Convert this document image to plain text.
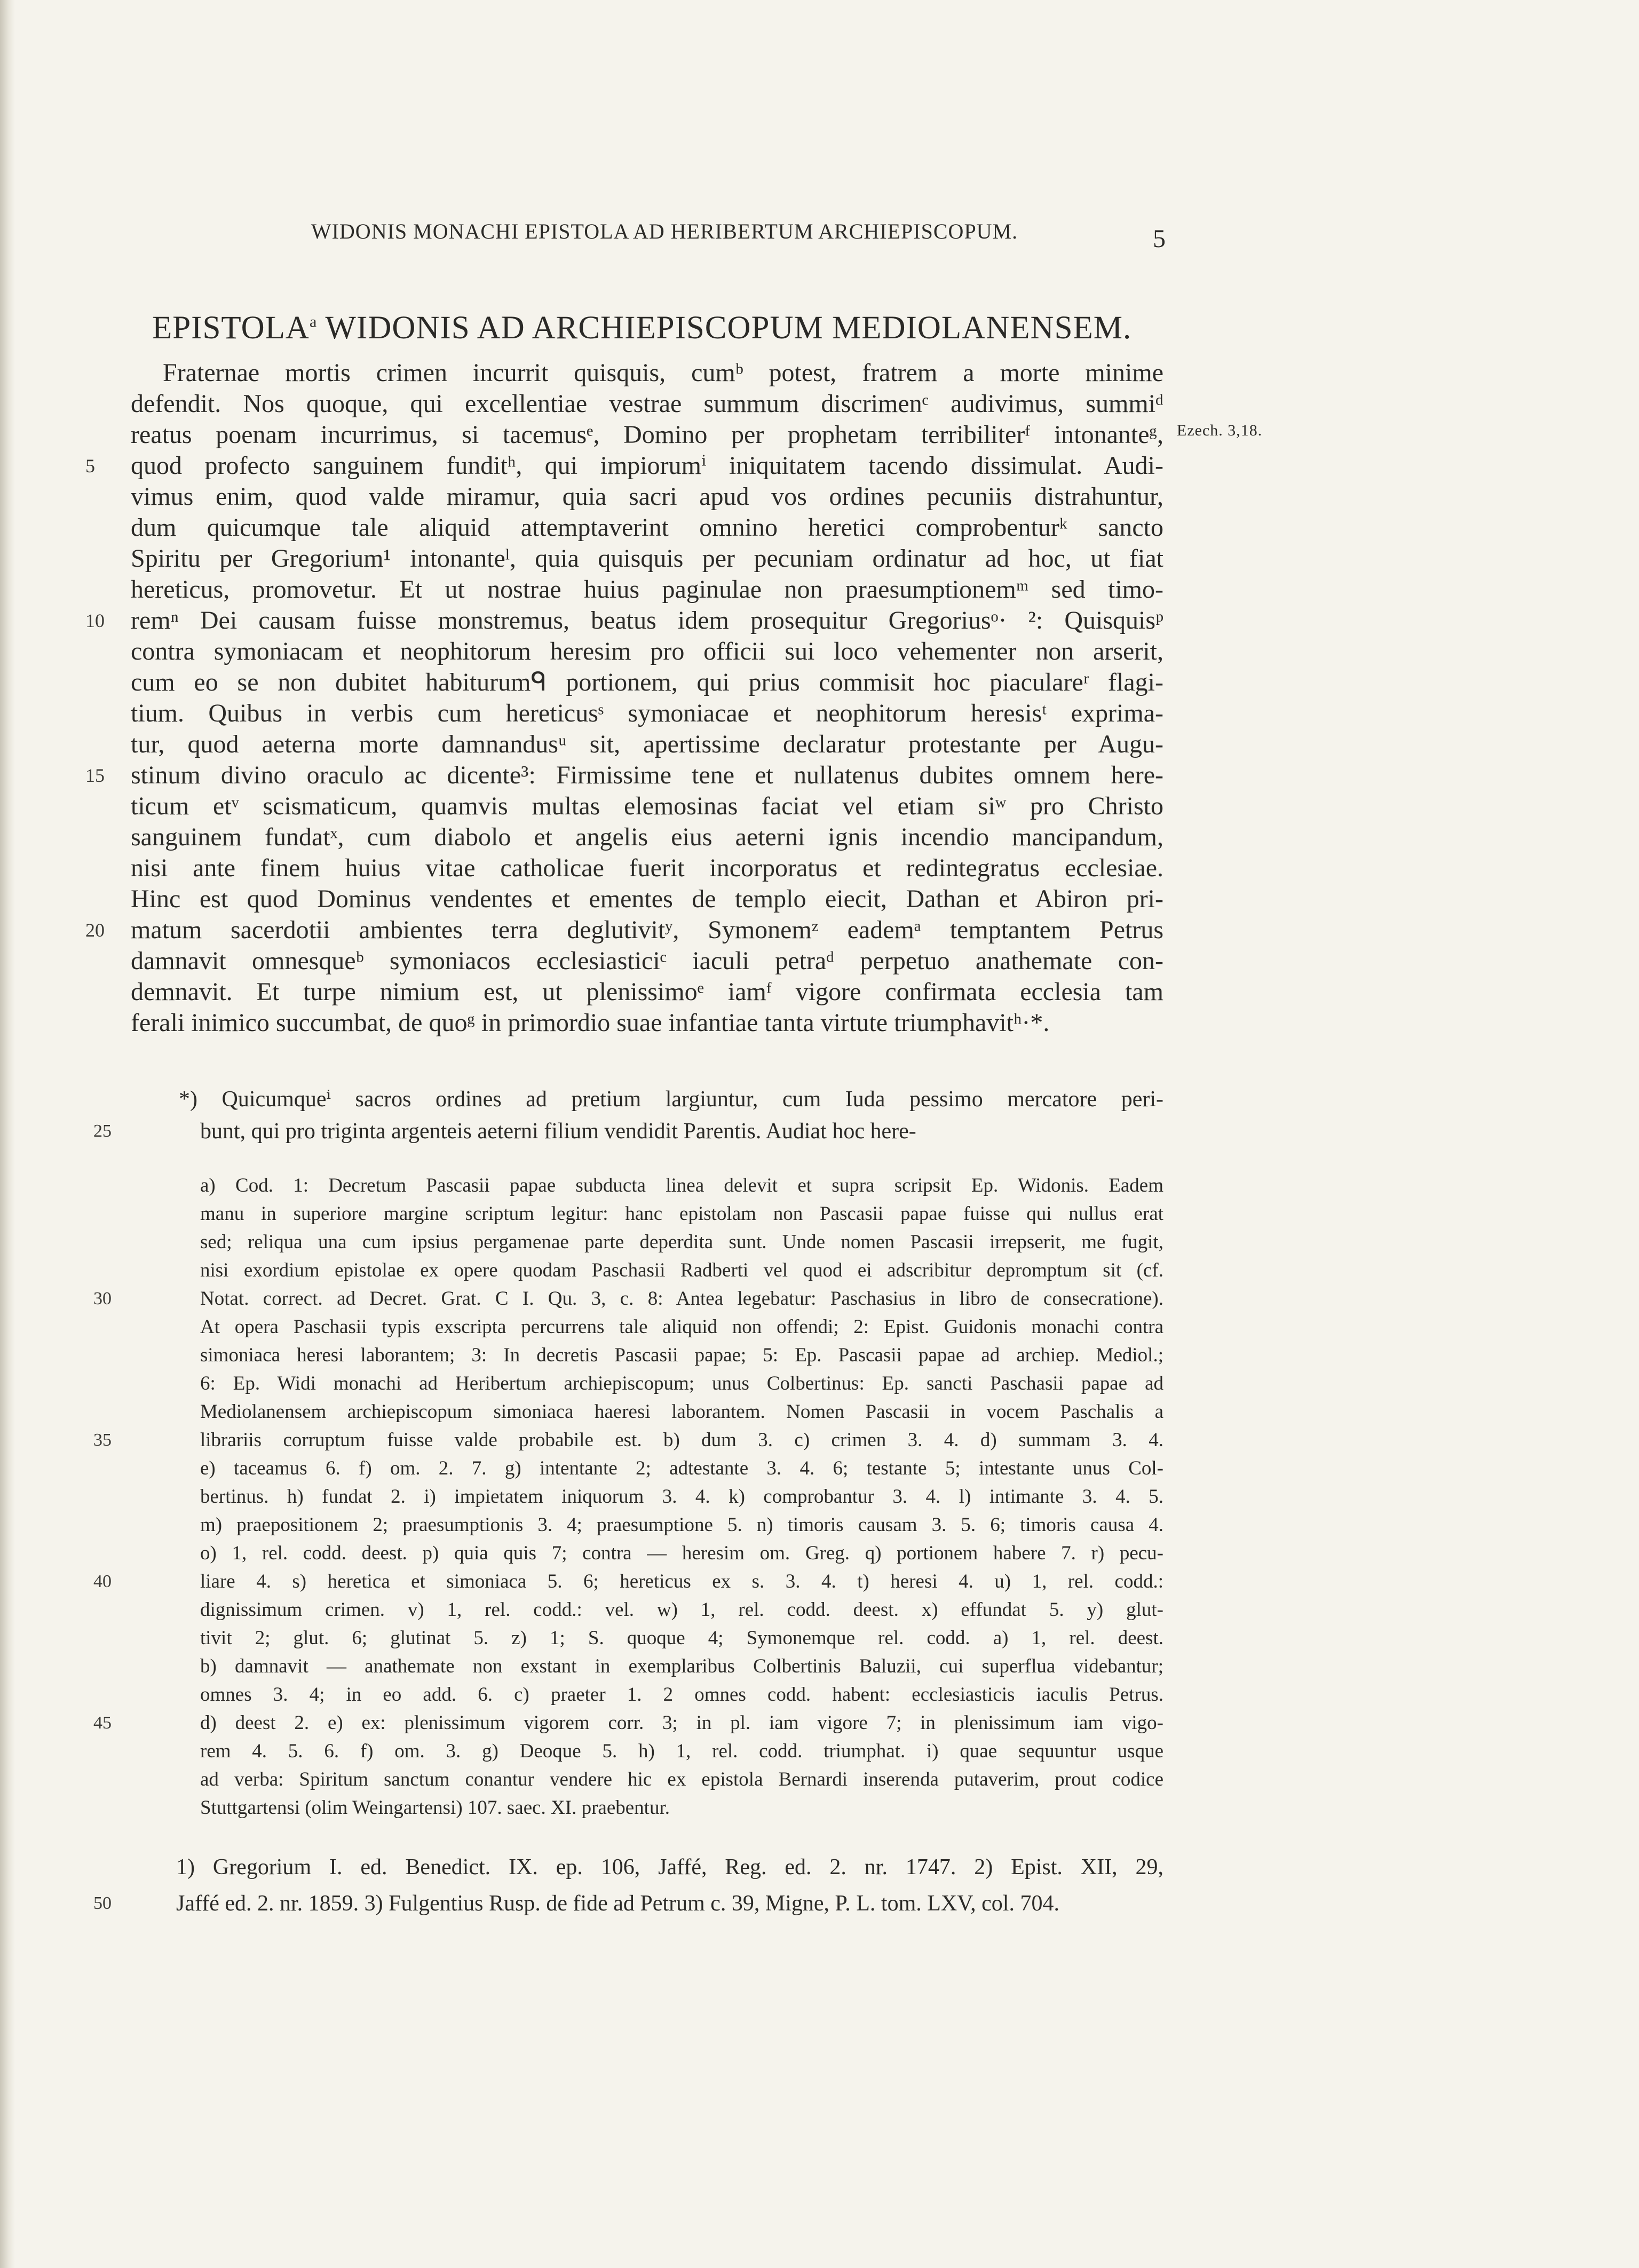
WIDONIS MONACHI EPISTOLA AD HERIBERTUM ARCHIEPISCOPUM.	5
EPISTOLA$^a$ WIDONIS AD ARCHIEPISCOPUM MEDIOLANENSEM.
Fraternae mortis crimen incurrit quisquis, cumᵇ potest, fratrem a morte minime
defendit. Nos quoque, qui excellentiae vestrae summum discrimenᶜ audivimus, summiᵈ
reatus poenam incurrimus, si tacemusᵉ, Domino per prophetam terribiliterᶠ intonanteᵍ,
5	quod profecto sanguinem funditʰ, qui impiorumⁱ iniquitatem tacendo dissimulat. Audi-
vimus enim, quod valde miramur, quia sacri apud vos ordines pecuniis distrahuntur,
dum quicumque tale aliquid attemptaverint omnino heretici comprobenturᵏ sancto
Spiritu per Gregorium¹ intonanteˡ, quia quisquis per pecuniam ordinatur ad hoc, ut fiat
hereticus, promovetur. Et ut nostrae huius paginulae non praesumptionemᵐ sed timo-
10	remⁿ Dei causam fuisse monstremus, beatus idem prosequitur Gregoriusᵒ· ²: Quisquisᵖ
contra symoniacam et neophitorum heresim pro officii sui loco vehementer non arserit,
cum eo se non dubitet habiturumᑫ portionem, qui prius commisit hoc piaculareʳ flagi-
tium. Quibus in verbis cum hereticusˢ symoniacae et neophitorum heresisᵗ exprima-
tur, quod aeterna morte damnandusᵘ sit, apertissime declaratur protestante per Augu-
15	stinum divino oraculo ac dicente³: Firmissime tene et nullatenus dubites omnem here-
ticum etᵛ scismaticum, quamvis multas elemosinas faciat vel etiam siʷ pro Christo
sanguinem fundatˣ, cum diabolo et angelis eius aeterni ignis incendio mancipandum,
nisi ante finem huius vitae catholicae fuerit incorporatus et redintegratus ecclesiae.
Hinc est quod Dominus vendentes et ementes de templo eiecit, Dathan et Abiron pri-
20	matum sacerdotii ambientes terra deglutivitʸ, Symonemᶻ eademᵃ temptantem Petrus
damnavit omnesqueᵇ symoniacos ecclesiasticiᶜ iaculi petraᵈ perpetuo anathemate con-
demnavit. Et turpe nimium est, ut plenissimoᵉ iamᶠ vigore confirmata ecclesia tam
ferali inimico succumbat, de quoᵍ in primordio suae infantiae tanta virtute triumphavitʰ·*.
Ezech. 3,18.
*) Quicumqueⁱ sacros ordines ad pretium largiuntur, cum Iuda pessimo mercatore peri-
25	bunt, qui pro triginta argenteis aeterni filium vendidit Parentis. Audiat hoc here-
a) Cod. 1: Decretum Pascasii papae subducta linea delevit et supra scripsit Ep. Widonis. Eadem
manu in superiore margine scriptum legitur: hanc epistolam non Pascasii papae fuisse qui nullus erat
sed; reliqua una cum ipsius pergamenae parte deperdita sunt. Unde nomen Pascasii irrepserit, me fugit,
nisi exordium epistolae ex opere quodam Paschasii Radberti vel quod ei adscribitur depromptum sit (cf.
30	Notat. correct. ad Decret. Grat. C I. Qu. 3, c. 8: Antea legebatur: Paschasius in libro de consecratione).
At opera Paschasii typis exscripta percurrens tale aliquid non offendi; 2: Epist. Guidonis monachi contra
simoniaca heresi laborantem; 3: In decretis Pascasii papae; 5: Ep. Pascasii papae ad archiep. Mediol.;
6: Ep. Widi monachi ad Heribertum archiepiscopum; unus Colbertinus: Ep. sancti Paschasii papae ad
Mediolanensem archiepiscopum simoniaca haeresi laborantem. Nomen Pascasii in vocem Paschalis a
35	librariis corruptum fuisse valde probabile est. b) dum 3. c) crimen 3. 4. d) summam 3. 4.
e) taceamus 6. f) om. 2. 7. g) intentante 2; adtestante 3. 4. 6; testante 5; intestante unus Col-
bertinus. h) fundat 2. i) impietatem iniquorum 3. 4. k) comprobantur 3. 4. l) intimante 3. 4. 5.
m) praepositionem 2; praesumptionis 3. 4; praesumptione 5. n) timoris causam 3. 5. 6; timoris causa 4.
o) 1, rel. codd. deest. p) quia quis 7; contra — heresim om. Greg. q) portionem habere 7. r) pecu-
40	liare 4. s) heretica et simoniaca 5. 6; hereticus ex s. 3. 4. t) heresi 4. u) 1, rel. codd.:
dignissimum crimen. v) 1, rel. codd.: vel. w) 1, rel. codd. deest. x) effundat 5. y) glut-
tivit 2; glut. 6; glutinat 5. z) 1; S. quoque 4; Symonemque rel. codd. a) 1, rel. deest.
b) damnavit — anathemate non exstant in exemplaribus Colbertinis Baluzii, cui superflua videbantur;
omnes 3. 4; in eo add. 6. c) praeter 1. 2 omnes codd. habent: ecclesiasticis iaculis Petrus.
45	d) deest 2. e) ex: plenissimum vigorem corr. 3; in pl. iam vigore 7; in plenissimum iam vigo-
rem 4. 5. 6. f) om. 3. g) Deoque 5. h) 1, rel. codd. triumphat. i) quae sequuntur usque
ad verba: Spiritum sanctum conantur vendere hic ex epistola Bernardi inserenda putaverim, prout codice
Stuttgartensi (olim Weingartensi) 107. saec. XI. praebentur.
1) Gregorium I. ed. Benedict. IX. ep. 106, Jaffé, Reg. ed. 2. nr. 1747. 2) Epist. XII, 29,
50	Jaffé ed. 2. nr. 1859. 3) Fulgentius Rusp. de fide ad Petrum c. 39, Migne, P. L. tom. LXV, col. 704.
